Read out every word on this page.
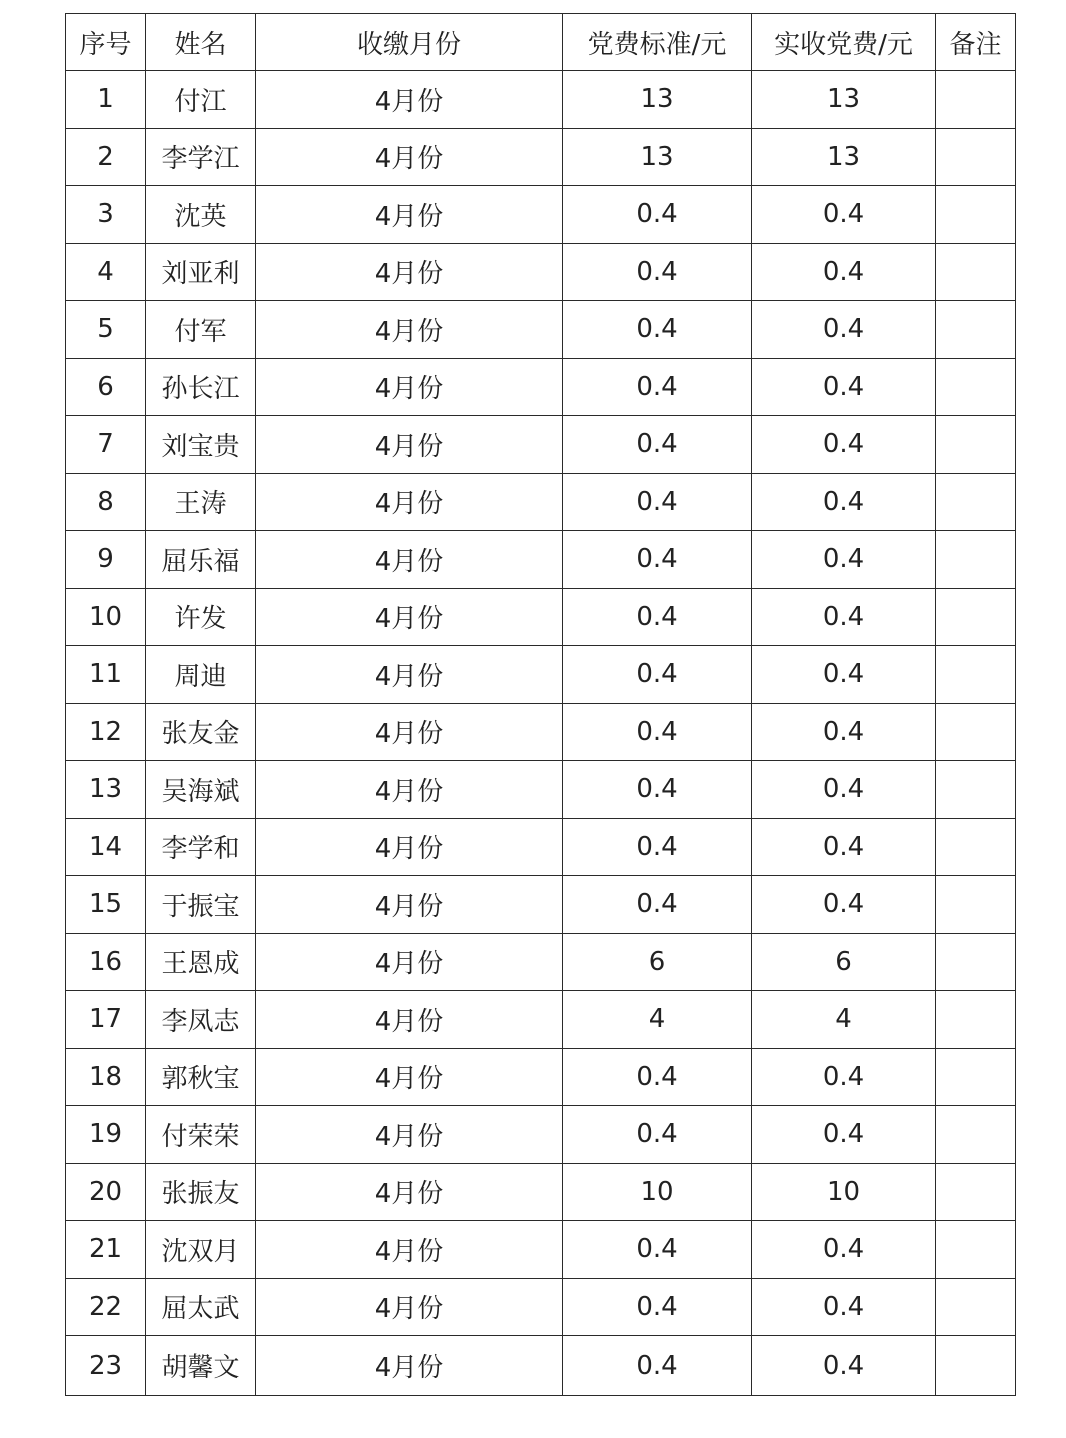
序号	姓名	收缴月份	党费标准/元	实收党费/元	备注
1	付江	4月份	13	13	
2	李学江	4月份	13	13	
3	沈英	4月份	0.4	0.4	
4	刘亚利	4月份	0.4	0.4	
5	付军	4月份	0.4	0.4	
6	孙长江	4月份	0.4	0.4	
7	刘宝贵	4月份	0.4	0.4	
8	王涛	4月份	0.4	0.4	
9	屈乐福	4月份	0.4	0.4	
10	许发	4月份	0.4	0.4	
11	周迪	4月份	0.4	0.4	
12	张友金	4月份	0.4	0.4	
13	吴海斌	4月份	0.4	0.4	
14	李学和	4月份	0.4	0.4	
15	于振宝	4月份	0.4	0.4	
16	王恩成	4月份	6	6	
17	李凤志	4月份	4	4	
18	郭秋宝	4月份	0.4	0.4	
19	付荣荣	4月份	0.4	0.4	
20	张振友	4月份	10	10	
21	沈双月	4月份	0.4	0.4	
22	屈太武	4月份	0.4	0.4	
23	胡馨文	4月份	0.4	0.4	
